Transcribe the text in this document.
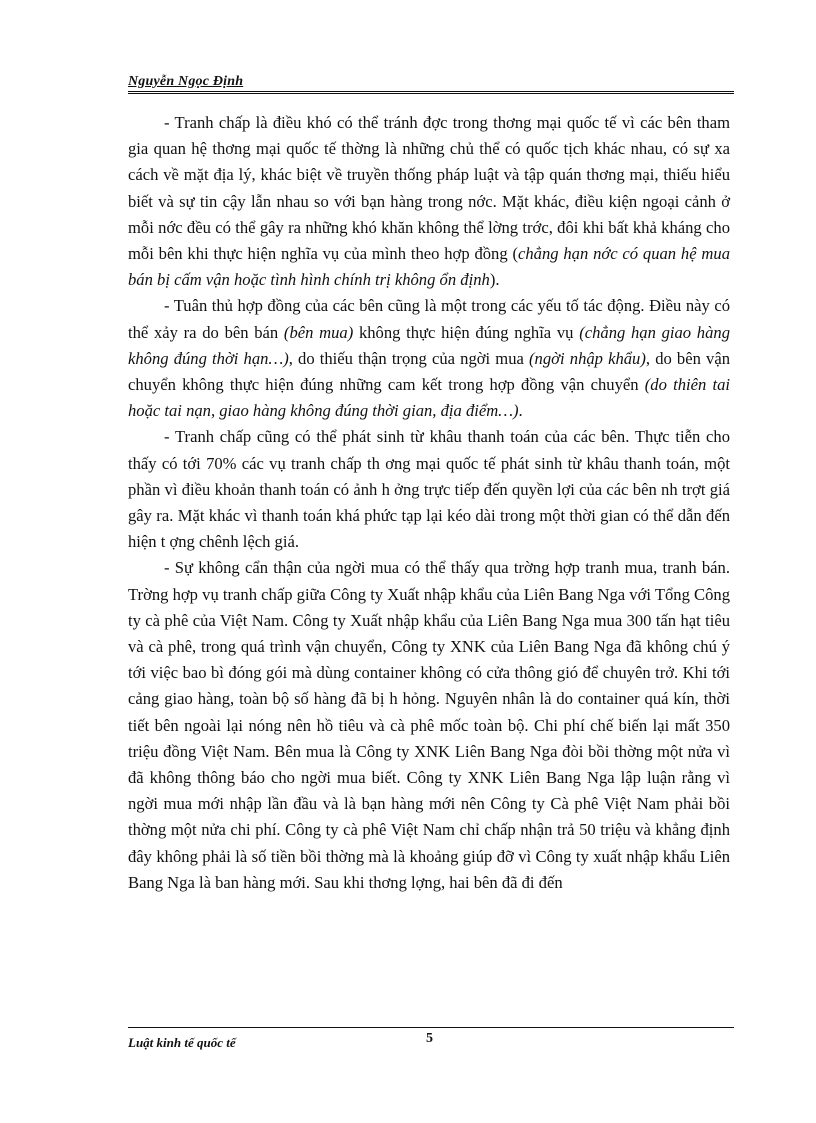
Nguyễn Ngọc Định

- Tranh chấp là điều khó có thể tránh đợc trong thơng mại quốc tế vì các bên tham gia quan hệ thơng mại quốc tế thờng là những chủ thể có quốc tịch khác nhau, có sự xa cách về mặt địa lý, khác biệt về truyền thống pháp luật và tập quán thơng mại, thiếu hiểu biết và sự tin cậy lẫn nhau so với bạn hàng trong nớc. Mặt khác, điều kiện ngoại cảnh ở mỗi nớc đều có thể gây ra những khó khăn không thể lờng trớc, đôi khi bất khả kháng cho mỗi bên khi thực hiện nghĩa vụ của mình theo hợp đồng (chẳng hạn nớc có quan hệ mua bán bị cấm vận hoặc tình hình chính trị không ổn định).

- Tuân thủ hợp đồng của các bên cũng là một trong các yếu tố tác động. Điều này có thể xảy ra do bên bán (bên mua) không thực hiện đúng nghĩa vụ (chẳng hạn giao hàng không đúng thời hạn…), do thiếu thận trọng của ngời mua (ngời nhập khẩu), do bên vận chuyển không thực hiện đúng những cam kết trong hợp đồng vận chuyển (do thiên tai hoặc tai nạn, giao hàng không đúng thời gian, địa điểm…).

- Tranh chấp cũng có thể phát sinh từ khâu thanh toán của các bên. Thực tiễn cho thấy có tới 70% các vụ tranh chấp th ơng mại quốc tế phát sinh từ khâu thanh toán, một phần vì điều khoản thanh toán có ảnh h ởng trực tiếp đến quyền lợi của các bên nh trợt giá gây ra. Mặt khác vì thanh toán khá phức tạp lại kéo dài trong một thời gian có thể dẫn đến hiện t ợng chênh lệch giá.

- Sự không cẩn thận của ngời mua có thể thấy qua trờng hợp tranh mua, tranh bán. Trờng hợp vụ tranh chấp giữa Công ty Xuất nhập khẩu của Liên Bang Nga với Tổng Công ty cà phê của Việt Nam. Công ty Xuất nhập khẩu của Liên Bang Nga mua 300 tấn hạt tiêu và cà phê, trong quá trình vận chuyển, Công ty XNK của Liên Bang Nga đã không chú ý tới việc bao bì đóng gói mà dùng container không có cửa thông gió để chuyên trở. Khi tới cảng giao hàng, toàn bộ số hàng đã bị h hỏng. Nguyên nhân là do container quá kín, thời tiết bên ngoài lại nóng nên hồ tiêu và cà phê mốc toàn bộ. Chi phí chế biến lại mất 350 triệu đồng Việt Nam. Bên mua là Công ty XNK Liên Bang Nga đòi bồi thờng một nửa vì đã không thông báo cho ngời mua biết. Công ty XNK Liên Bang Nga lập luận rằng vì ngời mua mới nhập lần đầu và là bạn hàng mới nên Công ty Cà phê Việt Nam phải bồi thờng một nửa chi phí. Công ty cà phê Việt Nam chỉ chấp nhận trả 50 triệu và khẳng định đây không phải là số tiền bồi thờng mà là khoảng giúp đỡ vì Công ty xuất nhập khẩu Liên Bang Nga là ban hàng mới. Sau khi thơng lợng, hai bên đã đi đến

Luật kinh tế quốc tế	5
